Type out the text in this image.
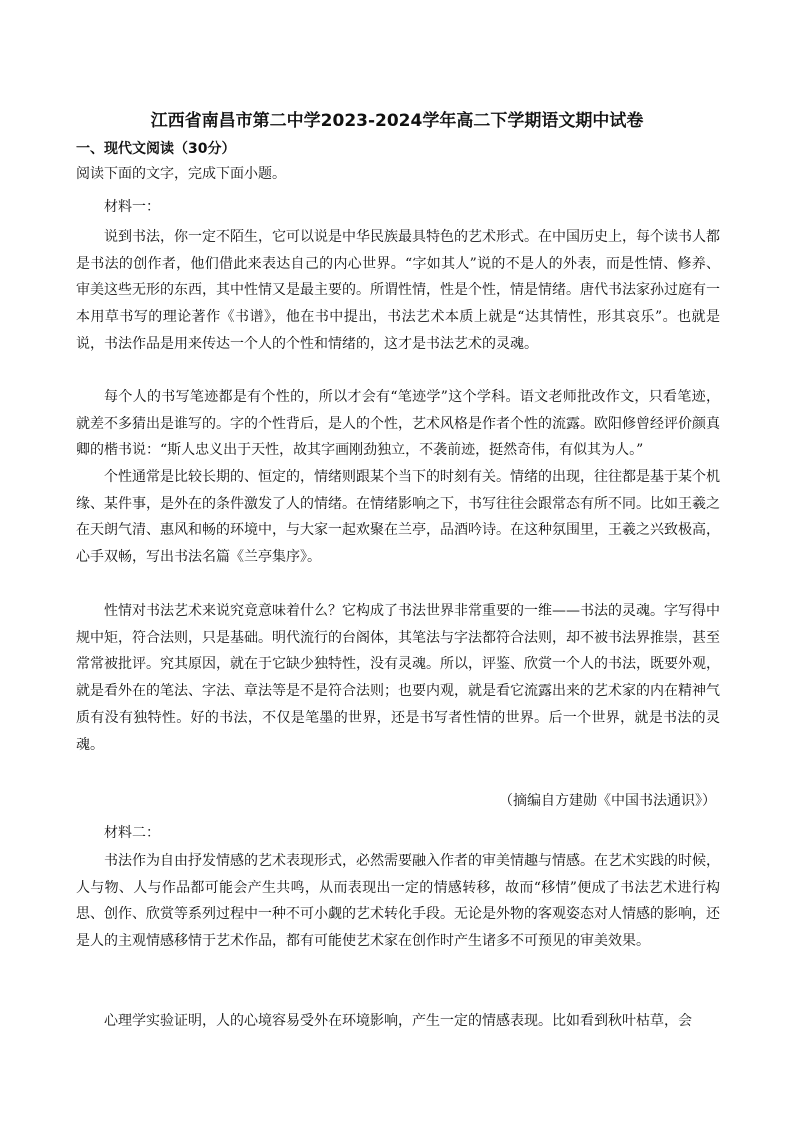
江西省南昌市第二中学2023-2024学年高二下学期语文期中试卷
一、现代文阅读（30分）
阅读下面的文字，完成下面小题。
材料一：

说到书法，你一定不陌生，它可以说是中华民族最具特色的艺术形式。在中国历史上，每个读书人都是书法的创作者，他们借此来表达自己的内心世界。“字如其人”说的不是人的外表，而是性情、修养、审美这些无形的东西，其中性情又是最主要的。所谓性情，性是个性，情是情绪。唐代书法家孙过庭有一本用草书写的理论著作《书谱》，他在书中提出，书法艺术本质上就是“达其情性，形其哀乐”。也就是说，书法作品是用来传达一个人的个性和情绪的，这才是书法艺术的灵魂。

每个人的书写笔迹都是有个性的，所以才会有“笔迹学”这个学科。语文老师批改作文，只看笔迹，就差不多猜出是谁写的。字的个性背后，是人的个性，艺术风格是作者个性的流露。欧阳修曾经评价颜真卿的楷书说：“斯人忠义出于天性，故其字画刚劲独立，不袭前迹，挺然奇伟，有似其为人。”

个性通常是比较长期的、恒定的，情绪则跟某个当下的时刻有关。情绪的出现，往往都是基于某个机缘、某件事，是外在的条件激发了人的情绪。在情绪影响之下，书写往往会跟常态有所不同。比如王羲之在天朗气清、惠风和畅的环境中，与大家一起欢聚在兰亭，品酒吟诗。在这种氛围里，王羲之兴致极高，心手双畅，写出书法名篇《兰亭集序》。

性情对书法艺术来说究竟意味着什么？它构成了书法世界非常重要的一维——书法的灵魂。字写得中规中矩，符合法则，只是基础。明代流行的台阁体，其笔法与字法都符合法则，却不被书法界推崇，甚至常常被批评。究其原因，就在于它缺少独特性，没有灵魂。所以，评鉴、欣赏一个人的书法，既要外观，就是看外在的笔法、字法、章法等是不是符合法则；也要内观，就是看它流露出来的艺术家的内在精神气质有没有独特性。好的书法，不仅是笔墨的世界，还是书写者性情的世界。后一个世界，就是书法的灵魂。

（摘编自方建勋《中国书法通识》）
材料二：

书法作为自由抒发情感的艺术表现形式，必然需要融入作者的审美情趣与情感。在艺术实践的时候，人与物、人与作品都可能会产生共鸣，从而表现出一定的情感转移，故而“移情”便成了书法艺术进行构思、创作、欣赏等系列过程中一种不可小觑的艺术转化手段。无论是外物的客观姿态对人情感的影响，还是人的主观情感移情于艺术作品，都有可能使艺术家在创作时产生诸多不可预见的审美效果。

心理学实验证明，人的心境容易受外在环境影响，产生一定的情感表现。比如看到秋叶枯草，会
